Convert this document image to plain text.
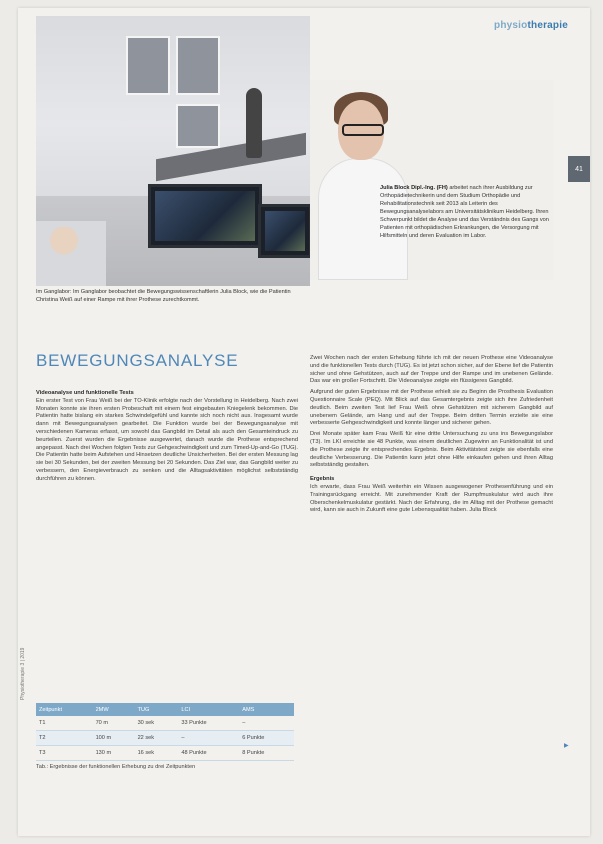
physiotherapie
41
Im Ganglabor: Im Ganglabor beobachtet die Bewegungswissenschaftlerin Julia Block, wie die Patientin Christina Weiß auf einer Rampe mit ihrer Prothese zurechtkommt.
Julia Block Dipl.-Ing. (FH) arbeitet nach ihrer Ausbildung zur Orthopädietechnikerin und dem Studium Orthopädie und Rehabilitationstechnik seit 2013 als Leiterin des Bewegungsanalyselabors am Universitätsklinikum Heidelberg. Ihren Schwerpunkt bildet die Analyse und das Verständnis des Gangs von Patienten mit orthopädischen Erkrankungen, die Versorgung mit Hilfsmitteln und deren Evaluation im Labor.
BEWEGUNGSANALYSE
Videoanalyse und funktionelle Tests
Ein erster Test von Frau Weiß bei der TO-Klinik erfolgte nach der Vorstellung in Heidelberg. Nach zwei Monaten konnte sie ihren ersten Probeschaft mit einem fest eingebauten Kniegelenk bekommen. Die Patientin hatte bislang ein starkes Schwindelgefühl und kannte sich noch nicht aus. Insgesamt wurde dann mit Bewegungsanalysen gearbeitet. Die Funktion wurde bei der Bewegungsanalyse mit verschiedenen Kameras erfasst, um sowohl das Gangbild im Detail als auch den Gesamteindruck zu beurteilen. Zuerst wurden die Ergebnisse ausgewertet, danach wurde die Prothese entsprechend angepasst. Nach drei Wochen folgten Tests zur Gehgeschwindigkeit und zum Timed-Up-and-Go (TUG). Die Patientin hatte beim Aufstehen und Hinsetzen deutliche Unsicherheiten. Bei der ersten Messung lag sie bei 30 Sekunden, bei der zweiten Messung bei 20 Sekunden. Das Ziel war, das Gangbild weiter zu verbessern, den Energieverbrauch zu senken und die Alltagsaktivitäten möglichst selbstständig durchführen zu können.
Zwei Wochen nach der ersten Erhebung führte ich mit der neuen Prothese eine Videoanalyse und die funktionellen Tests durch (TUG). Es ist jetzt schon sicher, auf der Ebene lief die Patientin sicher und ohne Gehstützen, auch auf der Treppe und der Rampe und im unebenen Gelände. Das war ein großer Fortschritt. Die Videoanalyse zeigte ein flüssigeres Gangbild.
Aufgrund der guten Ergebnisse mit der Prothese erhielt sie zu Beginn die Prosthesis Evaluation Questionnaire Scale (PEQ). Mit Blick auf das Gesamtergebnis zeigte sich ihre Zufriedenheit deutlich. Beim zweiten Test lief Frau Weiß ohne Gehstützen mit sicherem Gangbild auf unebenem Gelände, am Hang und auf der Treppe. Beim dritten Termin erzielte sie eine verbesserte Gehgeschwindigkeit und konnte länger und sicherer gehen.
Drei Monate später kam Frau Weiß für eine dritte Untersuchung zu uns ins Bewegungslabor (T3). Im LKI erreichte sie 48 Punkte, was einem deutlichen Zugewinn an Funktionalität ist und die Prothese zeigte ihr entsprechendes Ergebnis. Beim Aktivitätstest zeigte sie ebenfalls eine deutliche Verbesserung. Die Patientin kann jetzt ohne Hilfe einkaufen gehen und ihren Alltag selbstständig gestalten.
Ergebnis
Ich erwarte, dass Frau Weiß weiterhin ein Wissen ausgewogener Prothesenführung und ein Trainingsrückgang erreicht. Mit zunehmender Kraft der Rumpfmuskulatur wird auch ihre Oberschenkelmuskulatur gestärkt. Nach der Erfahrung, die im Alltag mit der Prothese gemacht wird, kann sie auch in Zukunft eine gute Lebensqualität haben. Julia Block
Zeitpunkt	2MW	TUG	LCI	AMS
T1	70 m	30 sek	33 Punkte	–
T2	100 m	22 sek	–	6 Punkte
T3	130 m	16 sek	48 Punkte	8 Punkte
Tab.: Ergebnisse der funktionellen Erhebung zu drei Zeitpunkten
Physiotherapie 3 | 2019
▶
